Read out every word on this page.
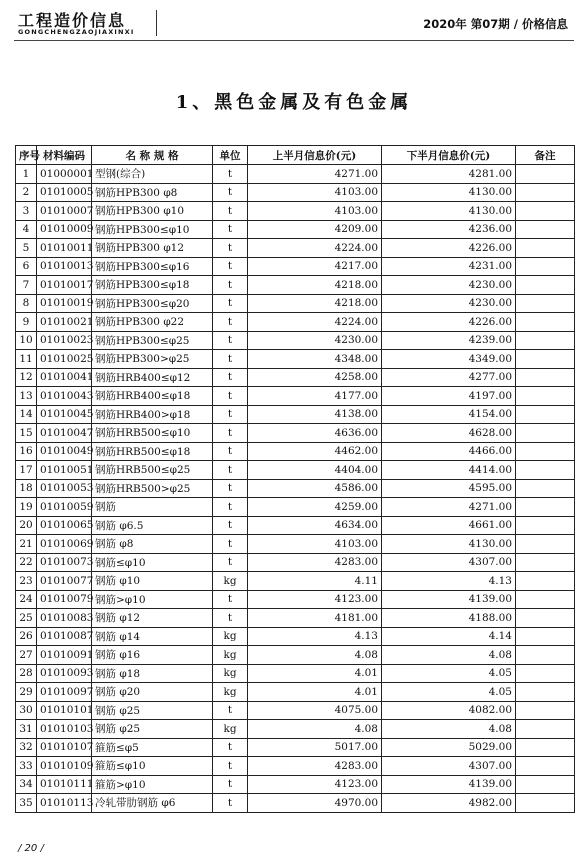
工程造价信息
GONGCHENGZAOJIAXINXI
2020年 第07期 / 价格信息
1、黑色金属及有色金属
序号	材料编码	名 称 规 格	单位	上半月信息价(元)	下半月信息价(元)	备注
1	01000001	型钢(综合)	t	4271.00	4281.00	
2	01010005	钢筋HPB300 φ8	t	4103.00	4130.00	
3	01010007	钢筋HPB300 φ10	t	4103.00	4130.00	
4	01010009	钢筋HPB300≤φ10	t	4209.00	4236.00	
5	01010011	钢筋HPB300 φ12	t	4224.00	4226.00	
6	01010013	钢筋HPB300≤φ16	t	4217.00	4231.00	
7	01010017	钢筋HPB300≤φ18	t	4218.00	4230.00	
8	01010019	钢筋HPB300≤φ20	t	4218.00	4230.00	
9	01010021	钢筋HPB300 φ22	t	4224.00	4226.00	
10	01010023	钢筋HPB300≤φ25	t	4230.00	4239.00	
11	01010025	钢筋HPB300>φ25	t	4348.00	4349.00	
12	01010041	钢筋HRB400≤φ12	t	4258.00	4277.00	
13	01010043	钢筋HRB400≤φ18	t	4177.00	4197.00	
14	01010045	钢筋HRB400>φ18	t	4138.00	4154.00	
15	01010047	钢筋HRB500≤φ10	t	4636.00	4628.00	
16	01010049	钢筋HRB500≤φ18	t	4462.00	4466.00	
17	01010051	钢筋HRB500≤φ25	t	4404.00	4414.00	
18	01010053	钢筋HRB500>φ25	t	4586.00	4595.00	
19	01010059	钢筋	t	4259.00	4271.00	
20	01010065	钢筋 φ6.5	t	4634.00	4661.00	
21	01010069	钢筋 φ8	t	4103.00	4130.00	
22	01010073	钢筋≤φ10	t	4283.00	4307.00	
23	01010077	钢筋 φ10	kg	4.11	4.13	
24	01010079	钢筋>φ10	t	4123.00	4139.00	
25	01010083	钢筋 φ12	t	4181.00	4188.00	
26	01010087	钢筋 φ14	kg	4.13	4.14	
27	01010091	钢筋 φ16	kg	4.08	4.08	
28	01010093	钢筋 φ18	kg	4.01	4.05	
29	01010097	钢筋 φ20	kg	4.01	4.05	
30	01010101	钢筋 φ25	t	4075.00	4082.00	
31	01010103	钢筋 φ25	kg	4.08	4.08	
32	01010107	箍筋≤φ5	t	5017.00	5029.00	
33	01010109	箍筋≤φ10	t	4283.00	4307.00	
34	01010111	箍筋>φ10	t	4123.00	4139.00	
35	01010113	冷轧带肋钢筋 φ6	t	4970.00	4982.00	
/ 20 /
